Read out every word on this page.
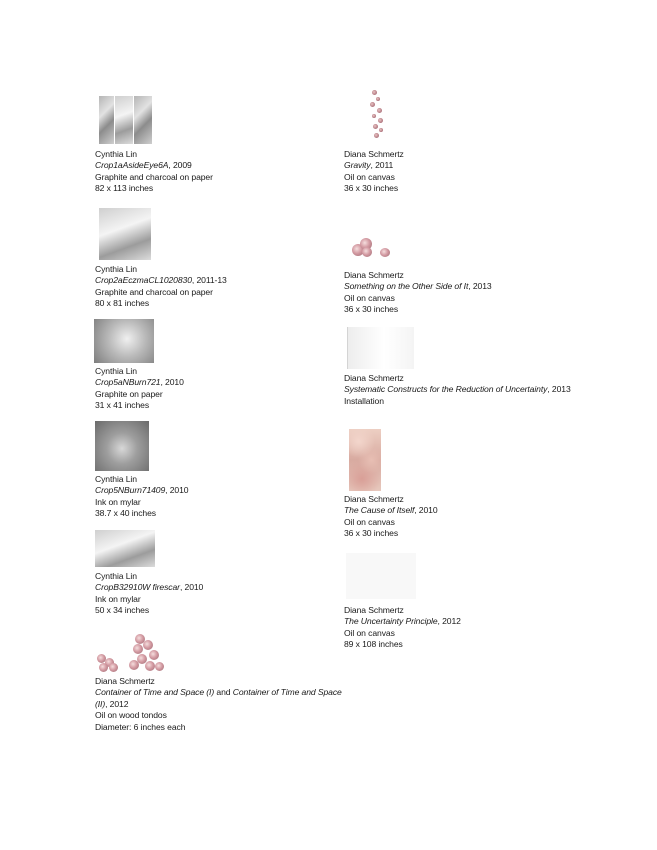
Cynthia Lin
Crop1aAsideEye6A, 2009
Graphite and charcoal on paper
82 x 113 inches
Cynthia Lin
Crop2aEczmaCL1020830, 2011-13
Graphite and charcoal on paper
80 x 81 inches
Cynthia Lin
Crop5aNBurn721, 2010
Graphite on paper
31 x 41 inches
Cynthia Lin
Crop5NBurn71409, 2010
Ink on mylar
38.7 x 40 inches
Cynthia Lin
CropB32910W firescar, 2010
Ink on mylar
50 x 34 inches
Diana Schmertz
Container of Time and Space (I) and Container of Time and Space
(II), 2012
Oil on wood tondos
Diameter: 6 inches each
Diana Schmertz
Gravity, 2011
Oil on canvas
36 x 30 inches
Diana Schmertz
Something on the Other Side of It, 2013
Oil on canvas
36 x 30 inches
Diana Schmertz
Systematic Constructs for the Reduction of Uncertainty, 2013
Installation
Diana Schmertz
The Cause of Itself, 2010
Oil on canvas
36 x 30 inches
Diana Schmertz
The Uncertainty Principle, 2012
Oil on canvas
89 x 108 inches
